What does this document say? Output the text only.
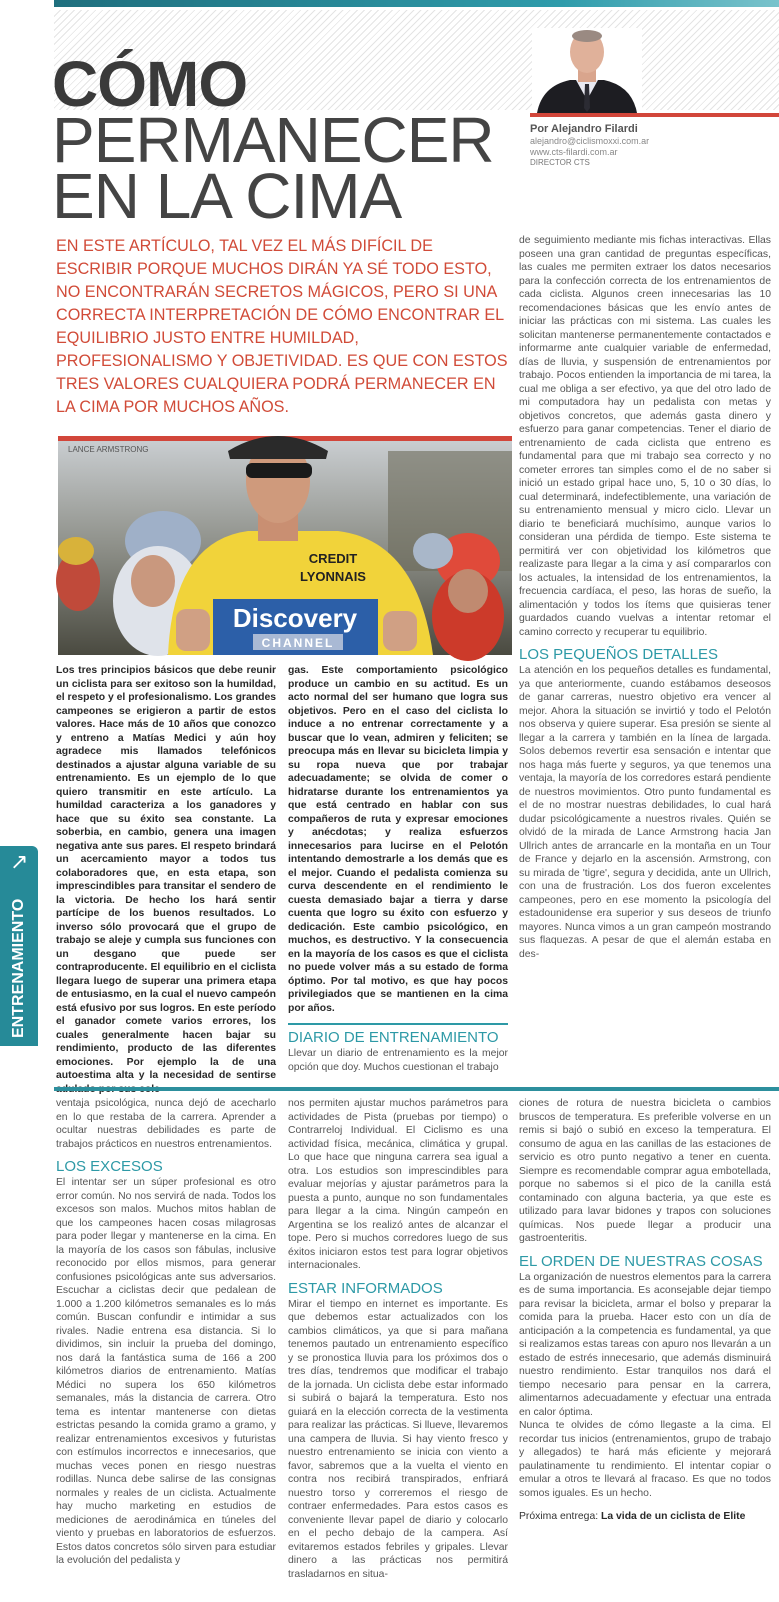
CÓMO
PERMANECER
EN LA CIMA
Por Alejandro Filardi
alejandro@ciclismoxxi.com.ar
www.cts-filardi.com.ar
DIRECTOR CTS
EN ESTE ARTÍCULO, TAL VEZ EL MÁS DIFÍCIL DE ESCRIBIR PORQUE MUCHOS DIRÁN YA SÉ TODO ESTO, NO ENCONTRARÁN SECRETOS MÁGICOS, PERO SI UNA CORRECTA INTERPRETACIÓN DE CÓMO ENCONTRAR EL EQUILIBRIO JUSTO ENTRE HUMILDAD, PROFESIONALISMO Y OBJETIVIDAD. ES QUE CON ESTOS TRES VALORES CUALQUIERA PODRÁ PERMANECER EN LA CIMA POR MUCHOS AÑOS.
Discovery
CHANNEL
CREDIT
LYONNAIS
LANCE ARMSTRONG
↗
ENTRENAMIENTO

Los tres principios básicos que debe reunir un ciclista para ser exitoso son la humildad, el respeto y el profesionalismo. Los grandes campeones se erigieron a partir de estos valores. Hace más de 10 años que conozco y entreno a Matías Medici y aún hoy agradece mis llamados telefónicos destinados a ajustar alguna variable de su entrenamiento. Es un ejemplo de lo que quiero transmitir en este artículo. La humildad caracteriza a los ganadores y hace que su éxito sea constante. La soberbia, en cambio, genera una imagen negativa ante sus pares. El respeto brindará un acercamiento mayor a todos tus colaboradores que, en esta etapa, son imprescindibles para transitar el sendero de la victoria. De hecho los hará sentir partícipe de los buenos resultados. Lo inverso sólo provocará que el grupo de trabajo se aleje y cumpla sus funciones con un desgano que puede ser contraproducente. El equilibrio en el ciclista llegara luego de superar una primera etapa de entusiasmo, en la cual el nuevo campeón está efusivo por sus logros. En este período el ganador comete varios errores, los cuales generalmente hacen bajar su rendimiento, producto de las diferentes emociones. Por ejemplo la de una autoestima alta y la necesidad de sentirse

gas. Este comportamiento psicológico produce un cambio en su actitud. Es un acto normal del ser humano que logra sus objetivos. Pero en el caso del ciclista lo induce a no entrenar correctamente y a buscar que lo vean, admiren y feliciten; se preocupa más en llevar su bicicleta limpia y su ropa nueva que por trabajar adecuadamente; se olvida de comer o hidratarse durante los entrenamientos ya que está centrado en hablar con sus compañeros de ruta y expresar emociones y anécdotas; y realiza esfuerzos innecesarios para lucirse en el Pelotón intentando demostrarle a los demás que es el mejor. Cuando el pedalista comienza su curva descendente en el rendimiento le cuesta demasiado bajar a tierra y darse cuenta que logro su éxito con esfuerzo y dedicación. Este cambio psicológico, en muchos, es destructivo. Y la consecuencia en la mayoría de los casos es que el ciclista no puede volver más a su estado de forma óptimo. Por tal motivo, es que hay pocos privilegiados que se mantienen en la cima por años.

DIARIO DE ENTRENAMIENTO

Llevar un diario de entrenamiento es la mejor opción que doy. Muchos cuestionan el trabajo

de seguimiento mediante mis fichas interactivas. Ellas poseen una gran cantidad de preguntas específicas, las cuales me permiten extraer los datos necesarios para la confección correcta de los entrenamientos de cada ciclista. Algunos creen innecesarias las 10 recomendaciones básicas que les envío antes de iniciar las prácticas con mi sistema. Las cuales les solicitan mantenerse permanentemente contactados e informarme ante cualquier variable de enfermedad, días de lluvia, y suspensión de entrenamientos por trabajo. Pocos entienden la importancia de mi tarea, la cual me obliga a ser efectivo, ya que del otro lado de mi computadora hay un pedalista con metas y objetivos concretos, que además gasta dinero y esfuerzo para ganar competencias. Tener el diario de entrenamiento de cada ciclista que entreno es fundamental para que mi trabajo sea correcto y no cometer errores tan simples como el de no saber si inició un estado gripal hace uno, 5, 10 o 30 días, lo cual determinará, indefectiblemente, una variación de su entrenamiento mensual y micro ciclo. Llevar un diario te beneficiará muchísimo, aunque varios lo consideran una pérdida de tiempo. Este sistema te permitirá ver con objetividad los kilómetros que realizaste para llegar a la cima y así compararlos con los actuales, la intensidad de los entrenamientos, la frecuencia cardíaca, el peso, las horas de sueño, la alimentación y todos los ítems que quisieras tener guardados cuando vuelvas a intentar retomar el camino correcto y recuperar tu equilibrio.

LOS PEQUEÑOS DETALLES

La atención en los pequeños detalles es fundamental, ya que anteriormente, cuando estábamos deseosos de ganar carreras, nuestro objetivo era vencer al mejor. Ahora la situación se invirtió y todo el Pelotón nos observa y quiere superar. Esa presión se siente al llegar a la carrera y también en la línea de largada. Solos debemos revertir esa sensación e intentar que nos haga más fuerte y seguros, ya que tenemos una ventaja, la mayoría de los corredores estará pendiente de nuestros movimientos. Otro punto fundamental es el de no mostrar nuestras debilidades, lo cual hará dudar psicológicamente a nuestros rivales. Quién se olvidó de la mirada de Lance Armstrong hacia Jan Ullrich antes de arrancarle en la montaña en un Tour de France y dejarlo en la ascensión. Armstrong, con su mirada de 'tigre', segura y decidida, ante un Ullrich, con una de frustración. Los dos fueron excelentes campeones, pero en ese momento la psicología del estadounidense era superior y sus deseos de triunfo mayores. Nunca vimos a un gran campeón mostrando sus flaquezas. A pesar de que el alemán estaba en des-

ventaja psicológica, nunca dejó de acecharlo en lo que restaba de la carrera. Aprender a ocultar nuestras debilidades es parte de trabajos prácticos en nuestros entrenamientos.

LOS EXCESOS

El intentar ser un súper profesional es otro error común. No nos servirá de nada. Todos los excesos son malos. Muchos mitos hablan de que los campeones hacen cosas milagrosas para poder llegar y mantenerse en la cima. En la mayoría de los casos son fábulas, inclusive reconocido por ellos mismos, para generar confusiones psicológicas ante sus adversarios. Escuchar a ciclistas decir que pedalean de 1.000 a 1.200 kilómetros semanales es lo más común. Buscan confundir e intimidar a sus rivales. Nadie entrena esa distancia. Si lo dividimos, sin incluir la prueba del domingo, nos dará la fantástica suma de 166 a 200 kilómetros diarios de entrenamiento. Matías Médici no supera los 650 kilómetros semanales, más la distancia de carrera. Otro tema es intentar mantenerse con dietas estrictas pesando la comida gramo a gramo, y realizar entrenamientos excesivos y futuristas con estímulos incorrectos e innecesarios, que muchas veces ponen en riesgo nuestras rodillas. Nunca debe salirse de las consignas normales y reales de un ciclista. Actualmente hay mucho marketing en estudios de mediciones de aerodinámica en túneles del viento y pruebas en laboratorios de esfuerzos. Estos datos concretos sólo sirven para estudiar la evolución del pedalista y

nos permiten ajustar muchos parámetros para actividades de Pista (pruebas por tiempo) o Contrarreloj Individual. El Ciclismo es una actividad física, mecánica, climática y grupal. Lo que hace que ninguna carrera sea igual a otra. Los estudios son imprescindibles para evaluar mejorías y ajustar parámetros para la puesta a punto, aunque no son fundamentales para llegar a la cima. Ningún campeón en Argentina se los realizó antes de alcanzar el tope. Pero si muchos corredores luego de sus éxitos iniciaron estos test para lograr objetivos internacionales.

ESTAR INFORMADOS

Mirar el tiempo en internet es importante. Es que debemos estar actualizados con los cambios climáticos, ya que si para mañana tenemos pautado un entrenamiento específico y se pronostica lluvia para los próximos dos o tres días, tendremos que modificar el trabajo de la jornada. Un ciclista debe estar informado si subirá o bajará la temperatura. Esto nos guiará en la elección correcta de la vestimenta para realizar las prácticas. Si llueve, llevaremos una campera de lluvia. Si hay viento fresco y nuestro entrenamiento se inicia con viento a favor, sabremos que a la vuelta el viento en contra nos recibirá transpirados, enfriará nuestro torso y correremos el riesgo de contraer enfermedades. Para estos casos es conveniente llevar papel de diario y colocarlo en el pecho debajo de la campera. Así evitaremos estados febriles y gripales. Llevar dinero a las prácticas nos permitirá trasladarnos en situa-

ciones de rotura de nuestra bicicleta o cambios bruscos de temperatura. Es preferible volverse en un remis si bajó o subió en exceso la temperatura. El consumo de agua en las canillas de las estaciones de servicio es otro punto negativo a tener en cuenta. Siempre es recomendable comprar agua embotellada, porque no sabemos si el pico de la canilla está contaminado con alguna bacteria, ya que este es utilizado para lavar bidones y trapos con soluciones químicas. Nos puede llegar a producir una gastroenteritis.

EL ORDEN DE NUESTRAS COSAS

La organización de nuestros elementos para la carrera es de suma importancia. Es aconsejable dejar tiempo para revisar la bicicleta, armar el bolso y preparar la comida para la prueba. Hacer esto con un día de anticipación a la competencia es fundamental, ya que si realizamos estas tareas con apuro nos llevarán a un estado de estrés innecesario, que además disminuirá nuestro rendimiento. Estar tranquilos nos dará el tiempo necesario para pensar en la carrera, alimentarnos adecuadamente y efectuar una entrada en calor óptima.

Nunca te olvides de cómo llegaste a la cima. El recordar tus inicios (entrenamientos, grupo de trabajo y allegados) te hará más eficiente y mejorará paulatinamente tu rendimiento. El intentar copiar o emular a otros te llevará al fracaso. Es que no todos somos iguales. Es un hecho.

Próxima entrega: La vida de un ciclista de Elite
